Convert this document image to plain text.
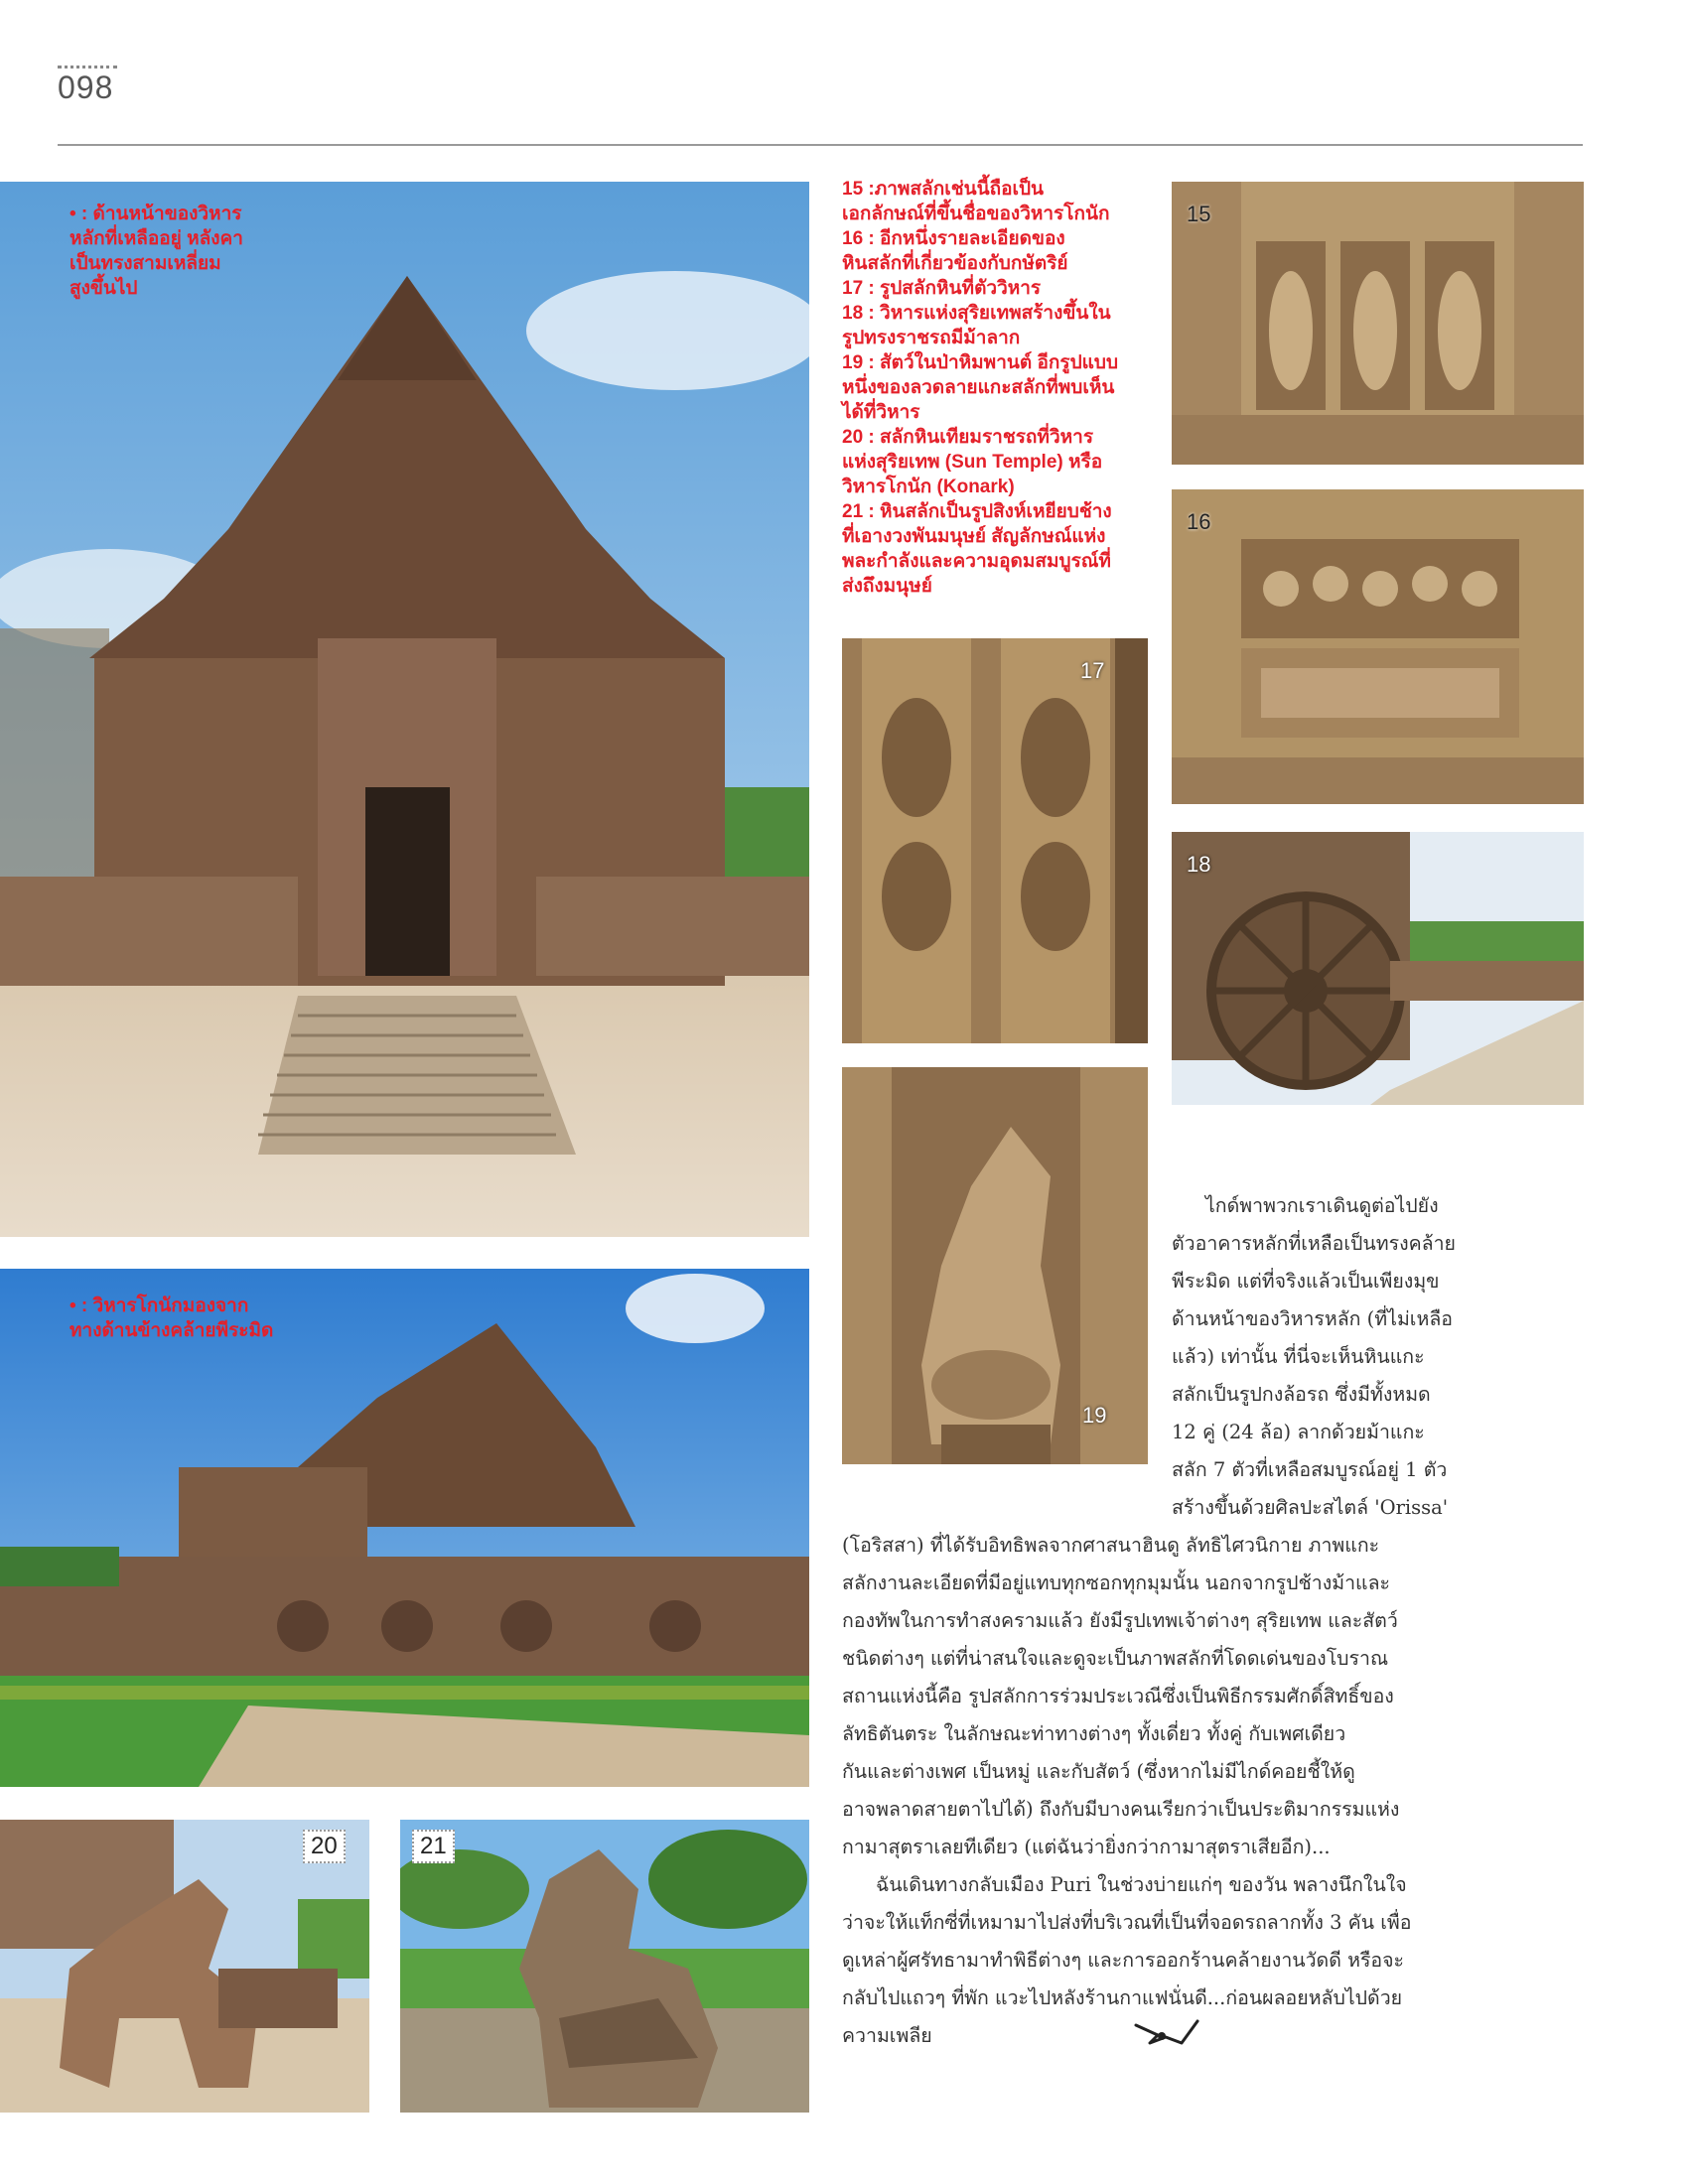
098
• : ด้านหน้าของวิหาร
หลักที่เหลืออยู่ หลังคา
เป็นทรงสามเหลี่ยม
สูงขึ้นไป
• : วิหารโกนักมองจาก
ทางด้านข้างคล้ายพีระมิด
20	21
15 :ภาพสลักเช่นนี้ถือเป็น
เอกลักษณ์ที่ขึ้นชื่อของวิหารโกนัก
16 : อีกหนึ่งรายละเอียดของ
หินสลักที่เกี่ยวข้องกับกษัตริย์
17 : รูปสลักหินที่ตัววิหาร
18 : วิหารแห่งสุริยเทพสร้างขึ้นใน
รูปทรงราชรถมีม้าลาก
19 : สัตว์ในป่าหิมพานต์ อีกรูปแบบ
หนึ่งของลวดลายแกะสลักที่พบเห็น
ได้ที่วิหาร
20 : สลักหินเทียมราชรถที่วิหาร
แห่งสุริยเทพ (Sun Temple) หรือ
วิหารโกนัก (Konark)
21 : หินสลักเป็นรูปสิงห์เหยียบช้าง
ที่เอางวงพันมนุษย์ สัญลักษณ์แห่ง
พละกำลังและความอุดมสมบูรณ์ที่
ส่งถึงมนุษย์
15
16
17
18
19
ไกด์พาพวกเราเดินดูต่อไปยัง
ตัวอาคารหลักที่เหลือเป็นทรงคล้าย
พีระมิด แต่ที่จริงแล้วเป็นเพียงมุข
ด้านหน้าของวิหารหลัก (ที่ไม่เหลือ
แล้ว) เท่านั้น ที่นี่จะเห็นหินแกะ
สลักเป็นรูปกงล้อรถ ซึ่งมีทั้งหมด
12 คู่ (24 ล้อ) ลากด้วยม้าแกะ
สลัก 7 ตัวที่เหลือสมบูรณ์อยู่ 1 ตัว
สร้างขึ้นด้วยศิลปะสไตล์ 'Orissa'
(โอริสสา) ที่ได้รับอิทธิพลจากศาสนาฮินดู ลัทธิไศวนิกาย ภาพแกะ
สลักงานละเอียดที่มีอยู่แทบทุกซอกทุกมุมนั้น นอกจากรูปช้างม้าและ
กองทัพในการทำสงครามแล้ว ยังมีรูปเทพเจ้าต่างๆ สุริยเทพ และสัตว์
ชนิดต่างๆ แต่ที่น่าสนใจและดูจะเป็นภาพสลักที่โดดเด่นของโบราณ
สถานแห่งนี้คือ รูปสลักการร่วมประเวณีซึ่งเป็นพิธีกรรมศักดิ์สิทธิ์ของ
ลัทธิตันตระ ในลักษณะท่าทางต่างๆ ทั้งเดี่ยว ทั้งคู่ กับเพศเดียว
กันและต่างเพศ เป็นหมู่ และกับสัตว์ (ซึ่งหากไม่มีไกด์คอยชี้ให้ดู
อาจพลาดสายตาไปได้) ถึงกับมีบางคนเรียกว่าเป็นประติมากรรมแห่ง
กามาสุตราเลยทีเดียว (แต่ฉันว่ายิ่งกว่ากามาสุตราเสียอีก)...
ฉันเดินทางกลับเมือง Puri ในช่วงบ่ายแก่ๆ ของวัน พลางนึกในใจ
ว่าจะให้แท็กซี่ที่เหมามาไปส่งที่บริเวณที่เป็นที่จอดรถลากทั้ง 3 คัน เพื่อ
ดูเหล่าผู้ศรัทธามาทำพิธีต่างๆ และการออกร้านคล้ายงานวัดดี หรือจะ
กลับไปแถวๆ ที่พัก แวะไปหลังร้านกาแฟนั่นดี...ก่อนผลอยหลับไปด้วย
ความเพลีย
